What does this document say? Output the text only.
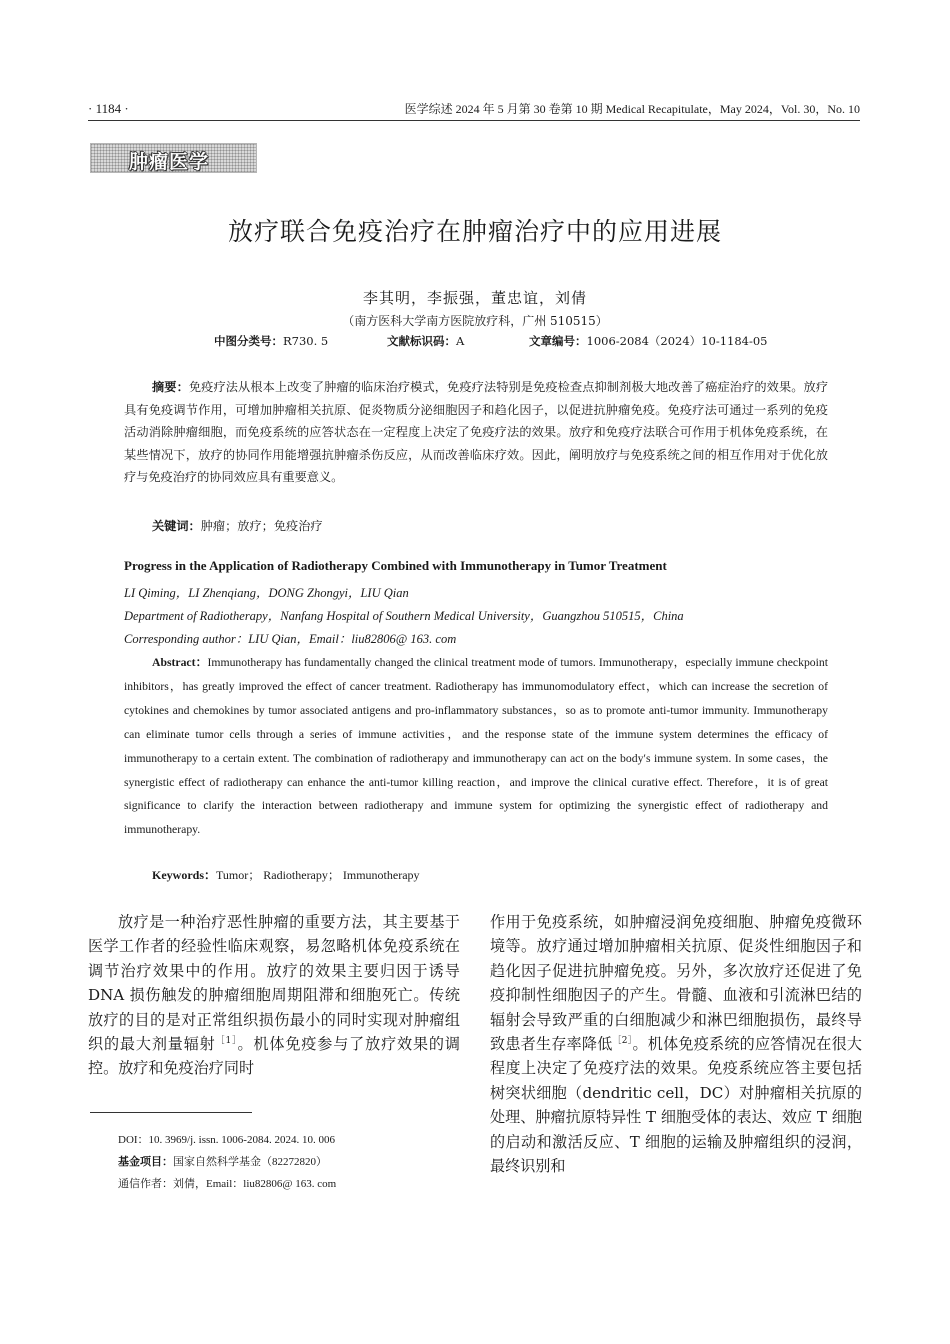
· 1184 ·	医学综述 2024 年 5 月第 30 卷第 10 期 Medical Recapitulate，May 2024，Vol. 30，No. 10
肿瘤医学
放疗联合免疫治疗在肿瘤治疗中的应用进展
李其明，李振强，董忠谊，刘倩
（南方医科大学南方医院放疗科，广州 510515）
中图分类号：R730. 5	文献标识码：A	文章编号：1006-2084（2024）10-1184-05
摘要：免疫疗法从根本上改变了肿瘤的临床治疗模式，免疫疗法特别是免疫检查点抑制剂极大地改善了癌症治疗的效果。放疗具有免疫调节作用，可增加肿瘤相关抗原、促炎物质分泌细胞因子和趋化因子，以促进抗肿瘤免疫。免疫疗法可通过一系列的免疫活动消除肿瘤细胞，而免疫系统的应答状态在一定程度上决定了免疫疗法的效果。放疗和免疫疗法联合可作用于机体免疫系统，在某些情况下，放疗的协同作用能增强抗肿瘤杀伤反应，从而改善临床疗效。因此，阐明放疗与免疫系统之间的相互作用对于优化放疗与免疫治疗的协同效应具有重要意义。
关键词：肿瘤；放疗；免疫治疗
Progress in the Application of Radiotherapy Combined with Immunotherapy in Tumor Treatment
LI Qiming，LI Zhenqiang，DONG Zhongyi，LIU Qian
Department of Radiotherapy，Nanfang Hospital of Southern Medical University，Guangzhou 510515，China
Corresponding author：LIU Qian，Email：liu82806@ 163. com
Abstract：Immunotherapy has fundamentally changed the clinical treatment mode of tumors. Immunotherapy，especially immune checkpoint inhibitors，has greatly improved the effect of cancer treatment. Radiotherapy has immunomodulatory effect，which can increase the secretion of cytokines and chemokines by tumor associated antigens and pro-inflammatory substances，so as to promote anti-tumor immunity. Immunotherapy can eliminate tumor cells through a series of immune activities，and the response state of the immune system determines the efficacy of immunotherapy to a certain extent. The combination of radiotherapy and immunotherapy can act on the body′s immune system. In some cases，the synergistic effect of radiotherapy can enhance the anti-tumor killing reaction，and improve the clinical curative effect. Therefore，it is of great significance to clarify the interaction between radiotherapy and immune system for optimizing the synergistic effect of radiotherapy and immunotherapy.
Keywords：Tumor； Radiotherapy； Immunotherapy
放疗是一种治疗恶性肿瘤的重要方法，其主要基于医学工作者的经验性临床观察，易忽略机体免疫系统在调节治疗效果中的作用。放疗的效果主要归因于诱导 DNA 损伤触发的肿瘤细胞周期阻滞和细胞死亡。传统放疗的目的是对正常组织损伤最小的同时实现对肿瘤组织的最大剂量辐射$^{[1]}$。机体免疫参与了放疗效果的调控。放疗和免疫治疗同时
作用于免疫系统，如肿瘤浸润免疫细胞、肿瘤免疫微环境等。放疗通过增加肿瘤相关抗原、促炎性细胞因子和趋化因子促进抗肿瘤免疫。另外，多次放疗还促进了免疫抑制性细胞因子的产生。骨髓、血液和引流淋巴结的辐射会导致严重的白细胞减少和淋巴细胞损伤，最终导致患者生存率降低$^{[2]}$。机体免疫系统的应答情况在很大程度上决定了免疫疗法的效果。免疫系统应答主要包括树突状细胞（dendritic cell，DC）对肿瘤相关抗原的处理、肿瘤抗原特异性 T 细胞受体的表达、效应 T 细胞的启动和激活反应、T 细胞的运输及肿瘤组织的浸润，最终识别和
DOI：10. 3969/j. issn. 1006-2084. 2024. 10. 006
基金项目：国家自然科学基金（82272820）
通信作者：刘倩，Email：liu82806@ 163. com
